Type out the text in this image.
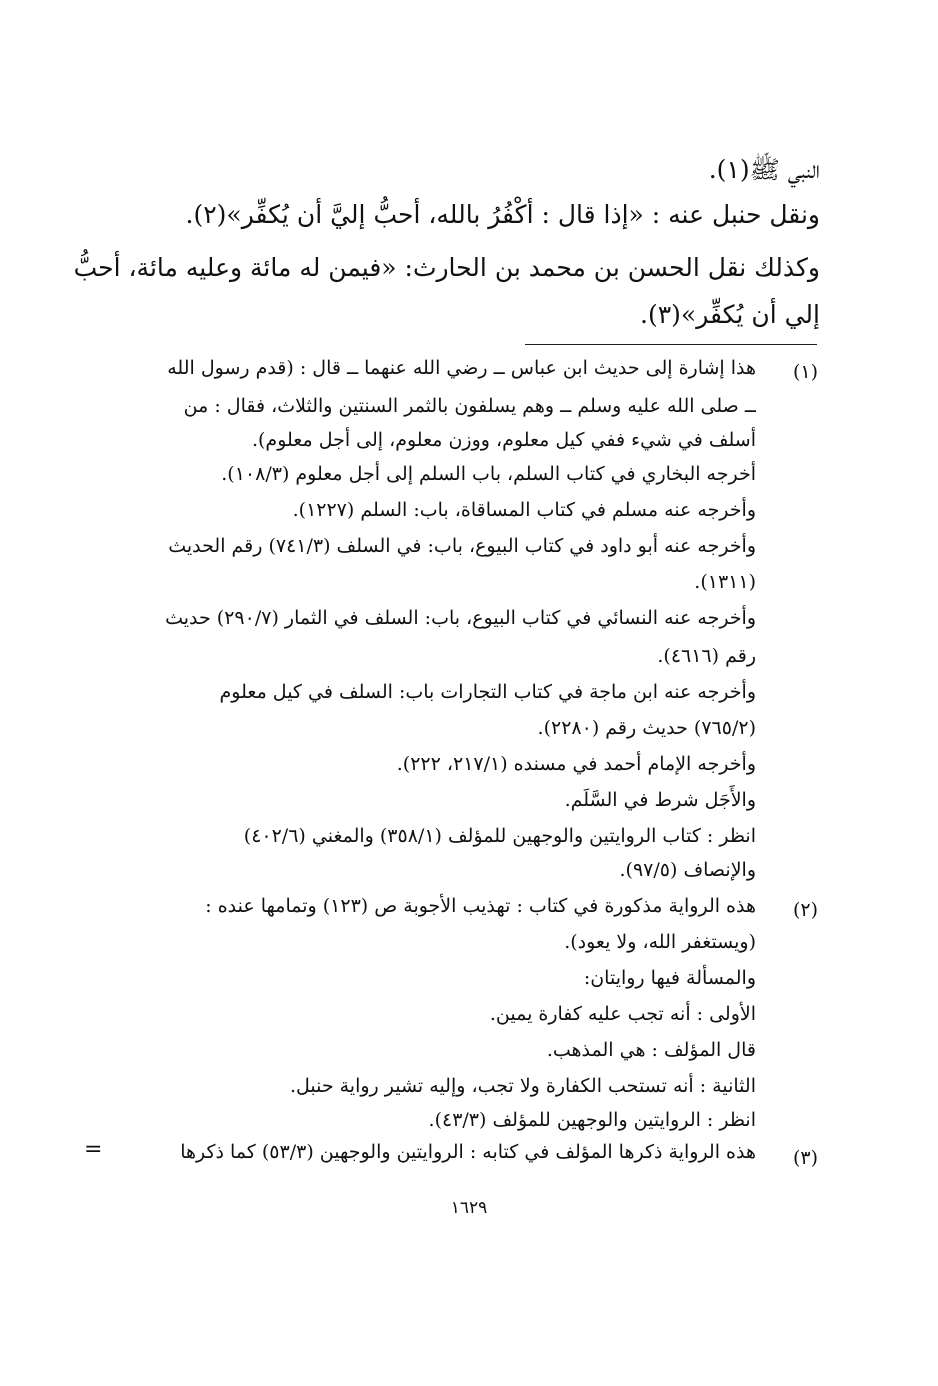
النبي ﷺ(١).
ونقل حنبل عنه : «إذا قال : أكْفُرُ بالله، أحبُّ إليَّ أن يُكفِّر»(٢).
وكذلك نقل الحسن بن محمد بن الحارث: «فيمن له مائة وعليه مائة، أحبُّ
إلي أن يُكفِّر»(٣).
(١)
هذا إشارة إلى حديث ابن عباس ــ رضي الله عنهما ــ قال : (قدم رسول الله
ــ صلى الله عليه وسلم ــ وهم يسلفون بالثمر السنتين والثلاث، فقال : من
أسلف في شيء ففي كيل معلوم، ووزن معلوم، إلى أجل معلوم).
أخرجه البخاري في كتاب السلم، باب السلم إلى أجل معلوم (١٠٨/٣).
وأخرجه عنه مسلم في كتاب المساقاة، باب: السلم (١٢٢٧).
وأخرجه عنه أبو داود في كتاب البيوع، باب: في السلف (٧٤١/٣) رقم الحديث
(١٣١١).
وأخرجه عنه النسائي في كتاب البيوع، باب: السلف في الثمار (٢٩٠/٧) حديث
رقم (٤٦١٦).
وأخرجه عنه ابن ماجة في كتاب التجارات باب: السلف في كيل معلوم
(٧٦٥/٢) حديث رقم (٢٢٨٠).
وأخرجه الإمام أحمد في مسنده (٢١٧/١، ٢٢٢).
والأَجَل شرط في السَّلَم.
انظر : كتاب الروايتين والوجهين للمؤلف (٣٥٨/١) والمغني (٤٠٢/٦)
والإنصاف (٩٧/٥).
(٢)
هذه الرواية مذكورة في كتاب : تهذيب الأجوبة ص (١٢٣) وتمامها عنده :
(ويستغفر الله، ولا يعود).
والمسألة فيها روايتان:
الأولى : أنه تجب عليه كفارة يمين.
قال المؤلف : هي المذهب.
الثانية : أنه تستحب الكفارة ولا تجب، وإليه تشير رواية حنبل.
انظر : الروايتين والوجهين للمؤلف (٤٣/٣).
(٣)
هذه الرواية ذكرها المؤلف في كتابه : الروايتين والوجهين (٥٣/٣) كما ذكرها
=
١٦٢٩
